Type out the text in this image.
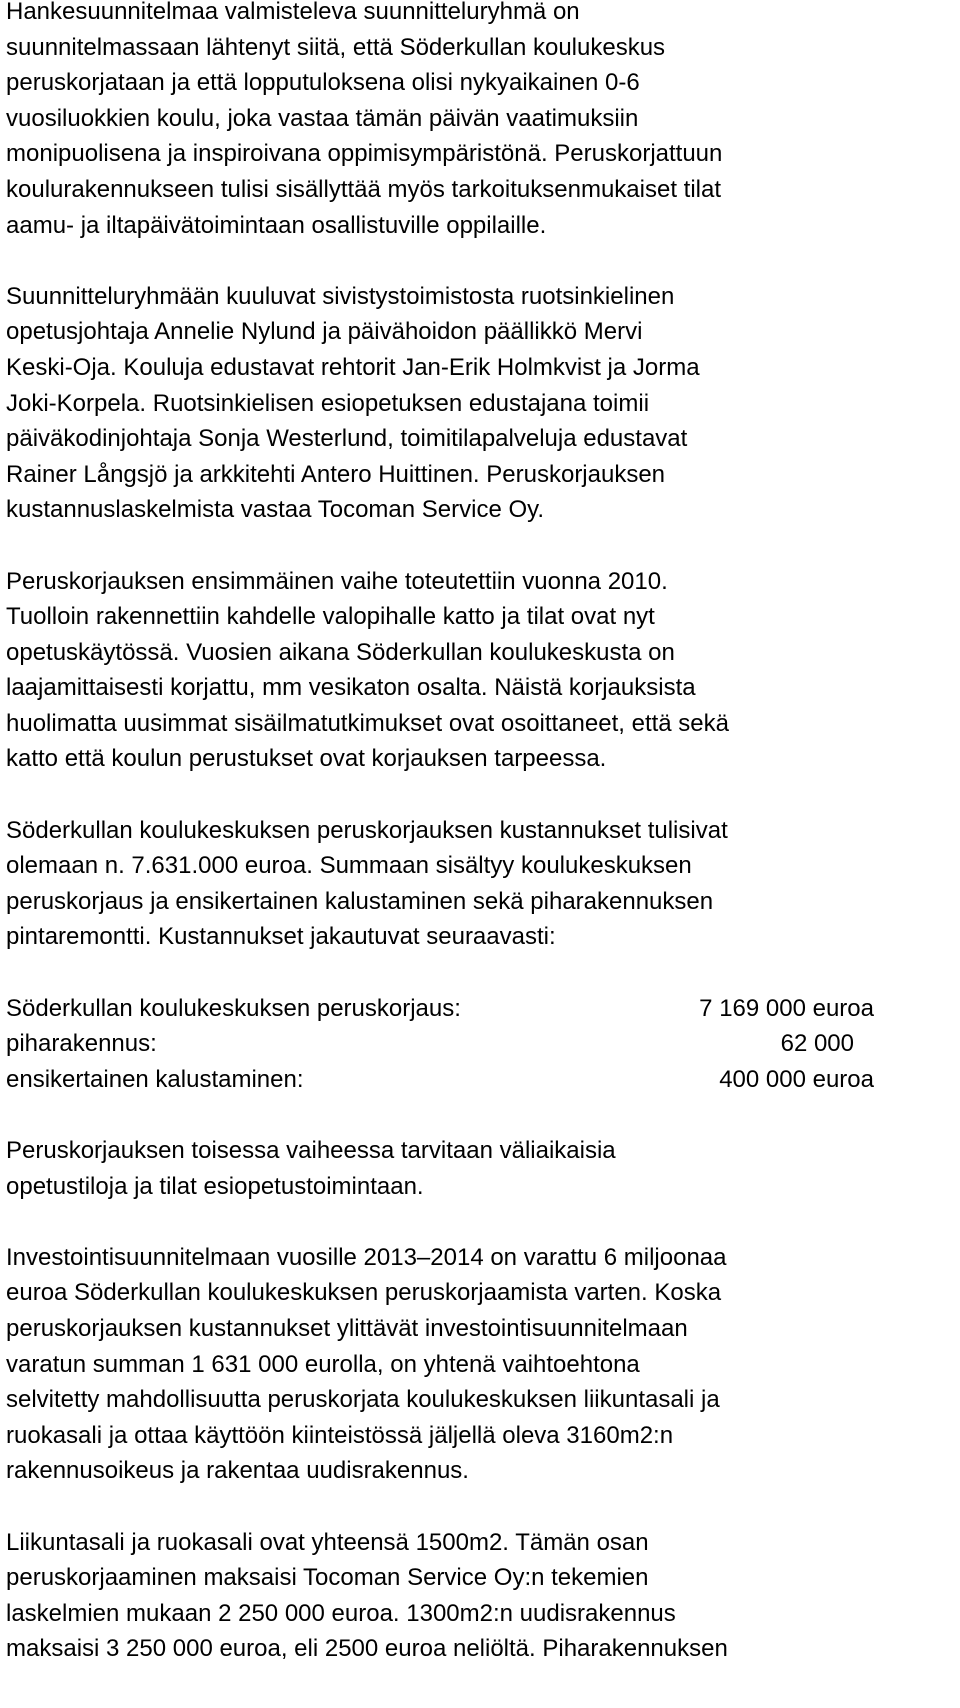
Hankesuunnitelmaa valmisteleva suunnitteluryhmä on
suunnitelmassaan lähtenyt siitä, että Söderkullan koulukeskus
peruskorjataan ja että lopputuloksena olisi nykyaikainen 0-6
vuosiluokkien koulu, joka vastaa tämän päivän vaatimuksiin
monipuolisena ja inspiroivana oppimisympäristönä. Peruskorjattuun
koulurakennukseen tulisi sisällyttää myös tarkoituksenmukaiset tilat
aamu- ja iltapäivätoimintaan osallistuville oppilaille.

Suunnitteluryhmään kuuluvat sivistystoimistosta ruotsinkielinen
opetusjohtaja Annelie Nylund ja päivähoidon päällikkö Mervi
Keski-Oja. Kouluja edustavat rehtorit Jan-Erik Holmkvist ja Jorma
Joki-Korpela. Ruotsinkielisen esiopetuksen edustajana toimii
päiväkodinjohtaja Sonja Westerlund, toimitilapalveluja edustavat
Rainer Långsjö ja arkkitehti Antero Huittinen. Peruskorjauksen
kustannuslaskelmista vastaa Tocoman Service Oy.

Peruskorjauksen ensimmäinen vaihe toteutettiin vuonna 2010.
Tuolloin rakennettiin kahdelle valopihalle katto ja tilat ovat nyt
opetuskäytössä. Vuosien aikana Söderkullan koulukeskusta on
laajamittaisesti korjattu, mm vesikaton osalta. Näistä korjauksista
huolimatta uusimmat sisäilmatutkimukset ovat osoittaneet, että sekä
katto että koulun perustukset ovat korjauksen tarpeessa.

Söderkullan koulukeskuksen peruskorjauksen kustannukset tulisivat
olemaan n. 7.631.000 euroa. Summaan sisältyy koulukeskuksen
peruskorjaus ja ensikertainen kalustaminen sekä piharakennuksen
pintaremontti. Kustannukset jakautuvat seuraavasti:

Söderkullan koulukeskuksen peruskorjaus:	7 169 000 euroa
piharakennus:	62 000
ensikertainen kalustaminen:	400 000 euroa

Peruskorjauksen toisessa vaiheessa tarvitaan väliaikaisia
opetustiloja ja tilat esiopetustoimintaan.

Investointisuunnitelmaan vuosille 2013–2014 on varattu 6 miljoonaa
euroa Söderkullan koulukeskuksen peruskorjaamista varten. Koska
peruskorjauksen kustannukset ylittävät investointisuunnitelmaan
varatun summan 1 631 000 eurolla, on yhtenä vaihtoehtona
selvitetty mahdollisuutta peruskorjata koulukeskuksen liikuntasali ja
ruokasali ja ottaa käyttöön kiinteistössä jäljellä oleva 3160m2:n
rakennusoikeus ja rakentaa uudisrakennus.

Liikuntasali ja ruokasali ovat yhteensä 1500m2. Tämän osan
peruskorjaaminen maksaisi Tocoman Service Oy:n tekemien
laskelmien mukaan 2 250 000 euroa. 1300m2:n uudisrakennus
maksaisi 3 250 000 euroa, eli 2500 euroa neliöltä. Piharakennuksen
